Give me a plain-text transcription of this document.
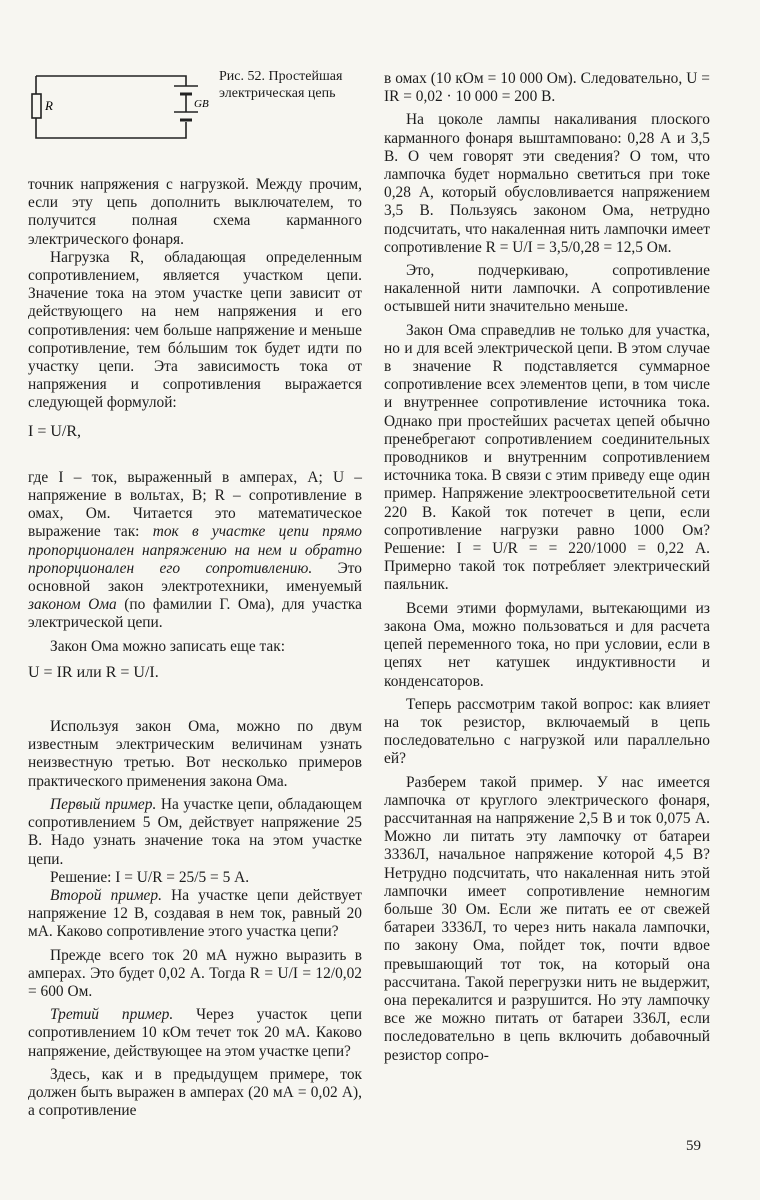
R	GB
Рис. 52. Простейшая электрическая цепь

точник напряжения с нагрузкой. Между прочим, если эту цепь дополнить выключателем, то получится полная схема карманного электрического фонаря.

Нагрузка R, обладающая определенным сопротивлением, является участком цепи. Значение тока на этом участке цепи зависит от действующего на нем напряжения и его сопротивления: чем больше напряжение и меньше сопротивление, тем бóльшим ток будет идти по участку цепи. Эта зависимость тока от напряжения и сопротивления выражается следующей формулой:

I = U/R,

где I – ток, выраженный в амперах, А; U – напряжение в вольтах, В; R – сопротивление в омах, Ом. Читается это математическое выражение так: ток в участке цепи прямо пропорционален напряжению на нем и обратно пропорционален его сопротивлению. Это основной закон электротехники, именуемый законом Ома (по фамилии Г. Ома), для участка электрической цепи.

Закон Ома можно записать еще так:

U = IR или R = U/I.

Используя закон Ома, можно по двум известным электрическим величинам узнать неизвестную третью. Вот несколько примеров практического применения закона Ома.

Первый пример. На участке цепи, обладающем сопротивлением 5 Ом, действует напряжение 25 В. Надо узнать значение тока на этом участке цепи.

Решение: I = U/R = 25/5 = 5 А.

Второй пример. На участке цепи действует напряжение 12 В, создавая в нем ток, равный 20 мА. Каково сопротивление этого участка цепи?

Прежде всего ток 20 мА нужно выразить в амперах. Это будет 0,02 А. Тогда R = U/I = 12/0,02 = 600 Ом.

Третий пример. Через участок цепи сопротивлением 10 кОм течет ток 20 мА. Каково напряжение, действующее на этом участке цепи?

Здесь, как и в предыдущем примере, ток должен быть выражен в амперах (20 мА = 0,02 А), а сопротивление

в омах (10 кОм = 10 000 Ом). Следовательно, U = IR = 0,02 · 10 000 = 200 В.

На цоколе лампы накаливания плоского карманного фонаря выштамповано: 0,28 А и 3,5 В. О чем говорят эти сведения? О том, что лампочка будет нормально светиться при токе 0,28 А, который обусловливается напряжением 3,5 В. Пользуясь законом Ома, нетрудно подсчитать, что накаленная нить лампочки имеет сопротивление R = U/I = 3,5/0,28 = 12,5 Ом.

Это, подчеркиваю, сопротивление накаленной нити лампочки. А сопротивление остывшей нити значительно меньше.

Закон Ома справедлив не только для участка, но и для всей электрической цепи. В этом случае в значение R подставляется суммарное сопротивление всех элементов цепи, в том числе и внутреннее сопротивление источника тока. Однако при простейших расчетах цепей обычно пренебрегают сопротивлением соединительных проводников и внутренним сопротивлением источника тока. В связи с этим приведу еще один пример. Напряжение электроосветительной сети 220 В. Какой ток потечет в цепи, если сопротивление нагрузки равно 1000 Ом? Решение: I = U/R = = 220/1000 = 0,22 А. Примерно такой ток потребляет электрический паяльник.

Всеми этими формулами, вытекающими из закона Ома, можно пользоваться и для расчета цепей переменного тока, но при условии, если в цепях нет катушек индуктивности и конденсаторов.

Теперь рассмотрим такой вопрос: как влияет на ток резистор, включаемый в цепь последовательно с нагрузкой или параллельно ей?

Разберем такой пример. У нас имеется лампочка от круглого электрического фонаря, рассчитанная на напряжение 2,5 В и ток 0,075 А. Можно ли питать эту лампочку от батареи 3336Л, начальное напряжение которой 4,5 В? Нетрудно подсчитать, что накаленная нить этой лампочки имеет сопротивление немногим больше 30 Ом. Если же питать ее от свежей батареи 3336Л, то через нить накала лампочки, по закону Ома, пойдет ток, почти вдвое превышающий тот ток, на который она рассчитана. Такой перегрузки нить не выдержит, она перекалится и разрушится. Но эту лампочку все же можно питать от батареи 336Л, если последовательно в цепь включить добавочный резистор сопро-

59
